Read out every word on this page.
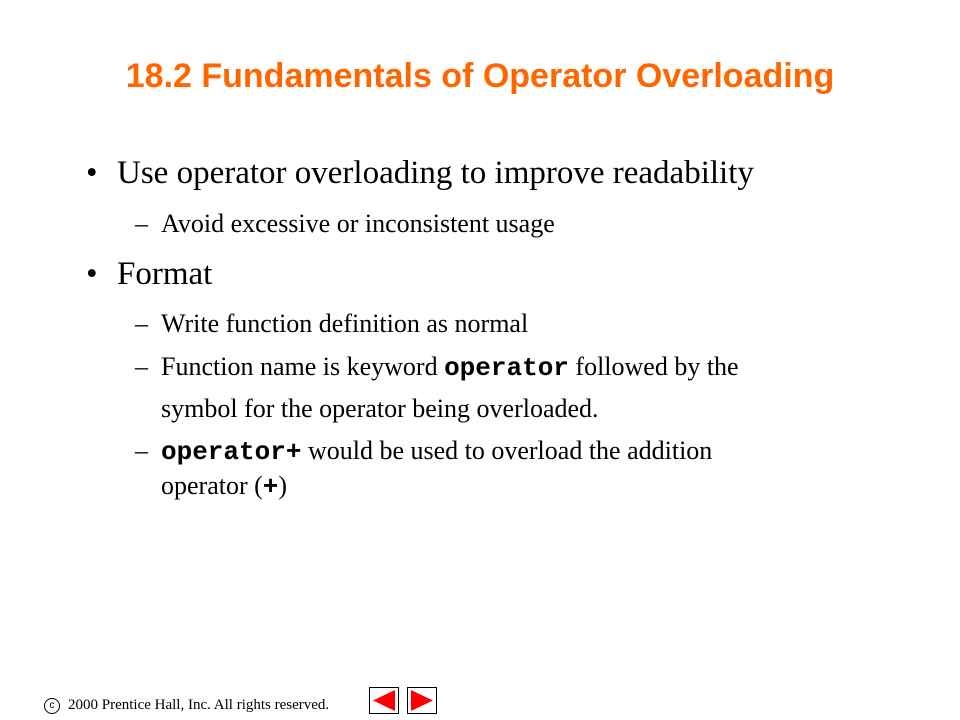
18.2 Fundamentals of Operator Overloading
• Use operator overloading to improve readability
– Avoid excessive or inconsistent usage
• Format
– Write function definition as normal
– Function name is keyword operator followed by the
symbol for the operator being overloaded.
– operator+ would be used to overload the addition
operator (+)
c 2000 Prentice Hall, Inc. All rights reserved.
